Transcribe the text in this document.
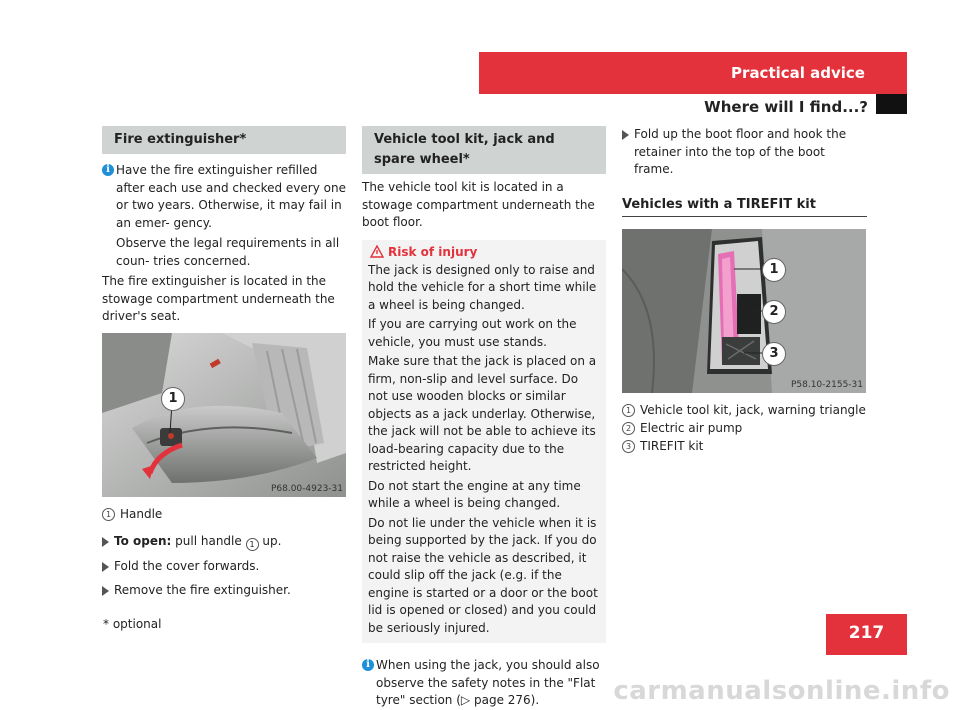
Practical advice
Where will I find...?
Fire extinguisher*
i Have the fire extinguisher refilled after each use and checked every one or two years. Otherwise, it may fail in an emer- gency.

Observe the legal requirements in all coun- tries concerned.

The fire extinguisher is located in the stowage compartment underneath the driver's seat.

1
P68.00-4923-31
1 Handle

To open: pull handle 1 up.

Fold the cover forwards.

Remove the fire extinguisher.

Vehicle tool kit, jack and spare wheel*

The vehicle tool kit is located in a stowage compartment underneath the boot floor.

Risk of injury

The jack is designed only to raise and hold the vehicle for a short time while a wheel is being changed.

If you are carrying out work on the vehicle, you must use stands.

Make sure that the jack is placed on a firm, non-slip and level surface. Do not use wooden blocks or similar objects as a jack underlay. Otherwise, the jack will not be able to achieve its load-bearing capacity due to the restricted height.

Do not start the engine at any time while a wheel is being changed.

Do not lie under the vehicle when it is being supported by the jack. If you do not raise the vehicle as described, it could slip off the jack (e.g. if the engine is started or a door or the boot lid is opened or closed) and you could be seriously injured.

i When using the jack, you should also observe the safety notes in the "Flat tyre" section (▷ page 276).

Fold up the boot floor and hook the retainer into the top of the boot frame.

Vehicles with a TIREFIT kit
1
2
3
P58.10-2155-31
1 Vehicle tool kit, jack, warning triangle
2 Electric air pump
3 TIREFIT kit
* optional	217
carmanualsonline.info
